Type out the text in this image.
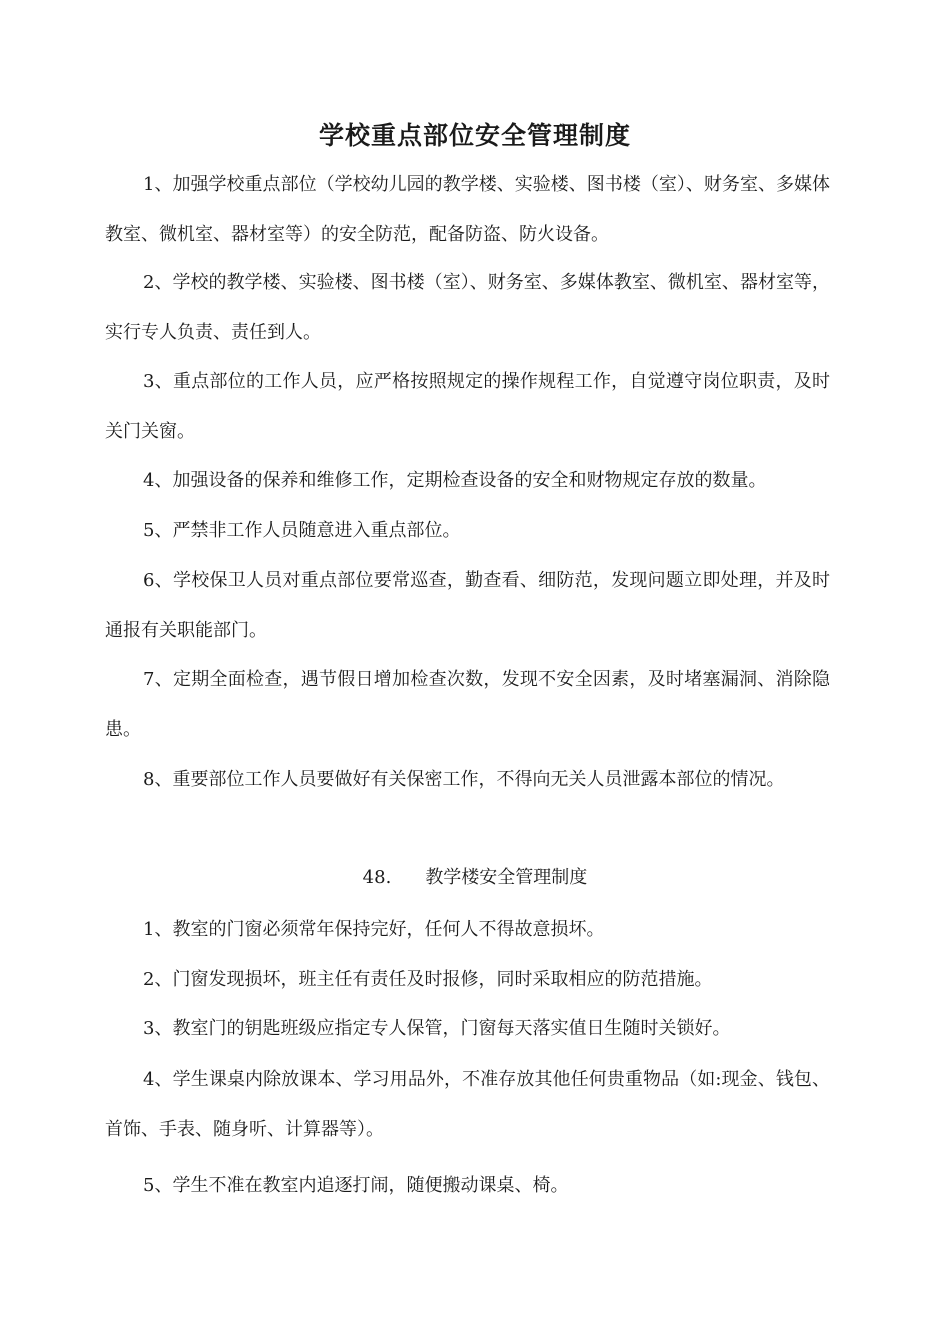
学校重点部位安全管理制度

1、加强学校重点部位（学校幼儿园的教学楼、实验楼、图书楼（室）、财务室、多媒体教室、微机室、器材室等）的安全防范，配备防盗、防火设备。

2、学校的教学楼、实验楼、图书楼（室）、财务室、多媒体教室、微机室、器材室等，实行专人负责、责任到人。

3、重点部位的工作人员，应严格按照规定的操作规程工作，自觉遵守岗位职责，及时关门关窗。

4、加强设备的保养和维修工作，定期检查设备的安全和财物规定存放的数量。

5、严禁非工作人员随意进入重点部位。

6、学校保卫人员对重点部位要常巡查，勤查看、细防范，发现问题立即处理，并及时通报有关职能部门。

7、定期全面检查，遇节假日增加检查次数，发现不安全因素，及时堵塞漏洞、消除隐患。

8、重要部位工作人员要做好有关保密工作，不得向无关人员泄露本部位的情况。

48. 教学楼安全管理制度

1、教室的门窗必须常年保持完好，任何人不得故意损坏。

2、门窗发现损坏，班主任有责任及时报修，同时采取相应的防范措施。

3、教室门的钥匙班级应指定专人保管，门窗每天落实值日生随时关锁好。

4、学生课桌内除放课本、学习用品外，不准存放其他任何贵重物品（如:现金、钱包、首饰、手表、随身听、计算器等）。

5、学生不准在教室内追逐打闹，随便搬动课桌、椅。
